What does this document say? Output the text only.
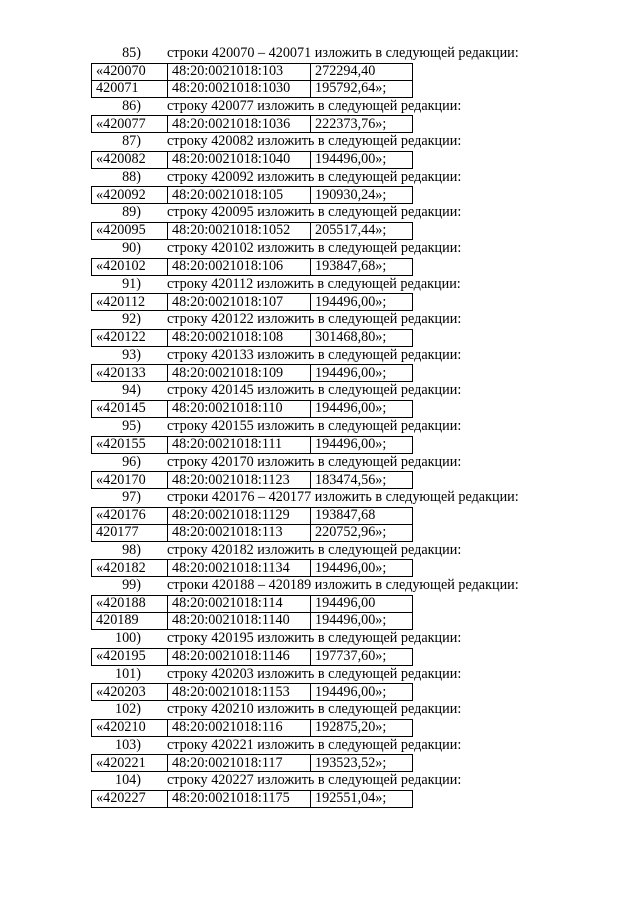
85) строки 420070 – 420071 изложить в следующей редакции:
«420070	48:20:0021018:103	272294,40
420071	48:20:0021018:1030	195792,64»;
86) строку 420077 изложить в следующей редакции:
«420077	48:20:0021018:1036	222373,76»;
87) строку 420082 изложить в следующей редакции:
«420082	48:20:0021018:1040	194496,00»;
88) строку 420092 изложить в следующей редакции:
«420092	48:20:0021018:105	190930,24»;
89) строку 420095 изложить в следующей редакции:
«420095	48:20:0021018:1052	205517,44»;
90) строку 420102 изложить в следующей редакции:
«420102	48:20:0021018:106	193847,68»;
91) строку 420112 изложить в следующей редакции:
«420112	48:20:0021018:107	194496,00»;
92) строку 420122 изложить в следующей редакции:
«420122	48:20:0021018:108	301468,80»;
93) строку 420133 изложить в следующей редакции:
«420133	48:20:0021018:109	194496,00»;
94) строку 420145 изложить в следующей редакции:
«420145	48:20:0021018:110	194496,00»;
95) строку 420155 изложить в следующей редакции:
«420155	48:20:0021018:111	194496,00»;
96) строку 420170 изложить в следующей редакции:
«420170	48:20:0021018:1123	183474,56»;
97) строки 420176 – 420177 изложить в следующей редакции:
«420176	48:20:0021018:1129	193847,68
420177	48:20:0021018:113	220752,96»;
98) строку 420182 изложить в следующей редакции:
«420182	48:20:0021018:1134	194496,00»;
99) строки 420188 – 420189 изложить в следующей редакции:
«420188	48:20:0021018:114	194496,00
420189	48:20:0021018:1140	194496,00»;
100) строку 420195 изложить в следующей редакции:
«420195	48:20:0021018:1146	197737,60»;
101) строку 420203 изложить в следующей редакции:
«420203	48:20:0021018:1153	194496,00»;
102) строку 420210 изложить в следующей редакции:
«420210	48:20:0021018:116	192875,20»;
103) строку 420221 изложить в следующей редакции:
«420221	48:20:0021018:117	193523,52»;
104) строку 420227 изложить в следующей редакции:
«420227	48:20:0021018:1175	192551,04»;
